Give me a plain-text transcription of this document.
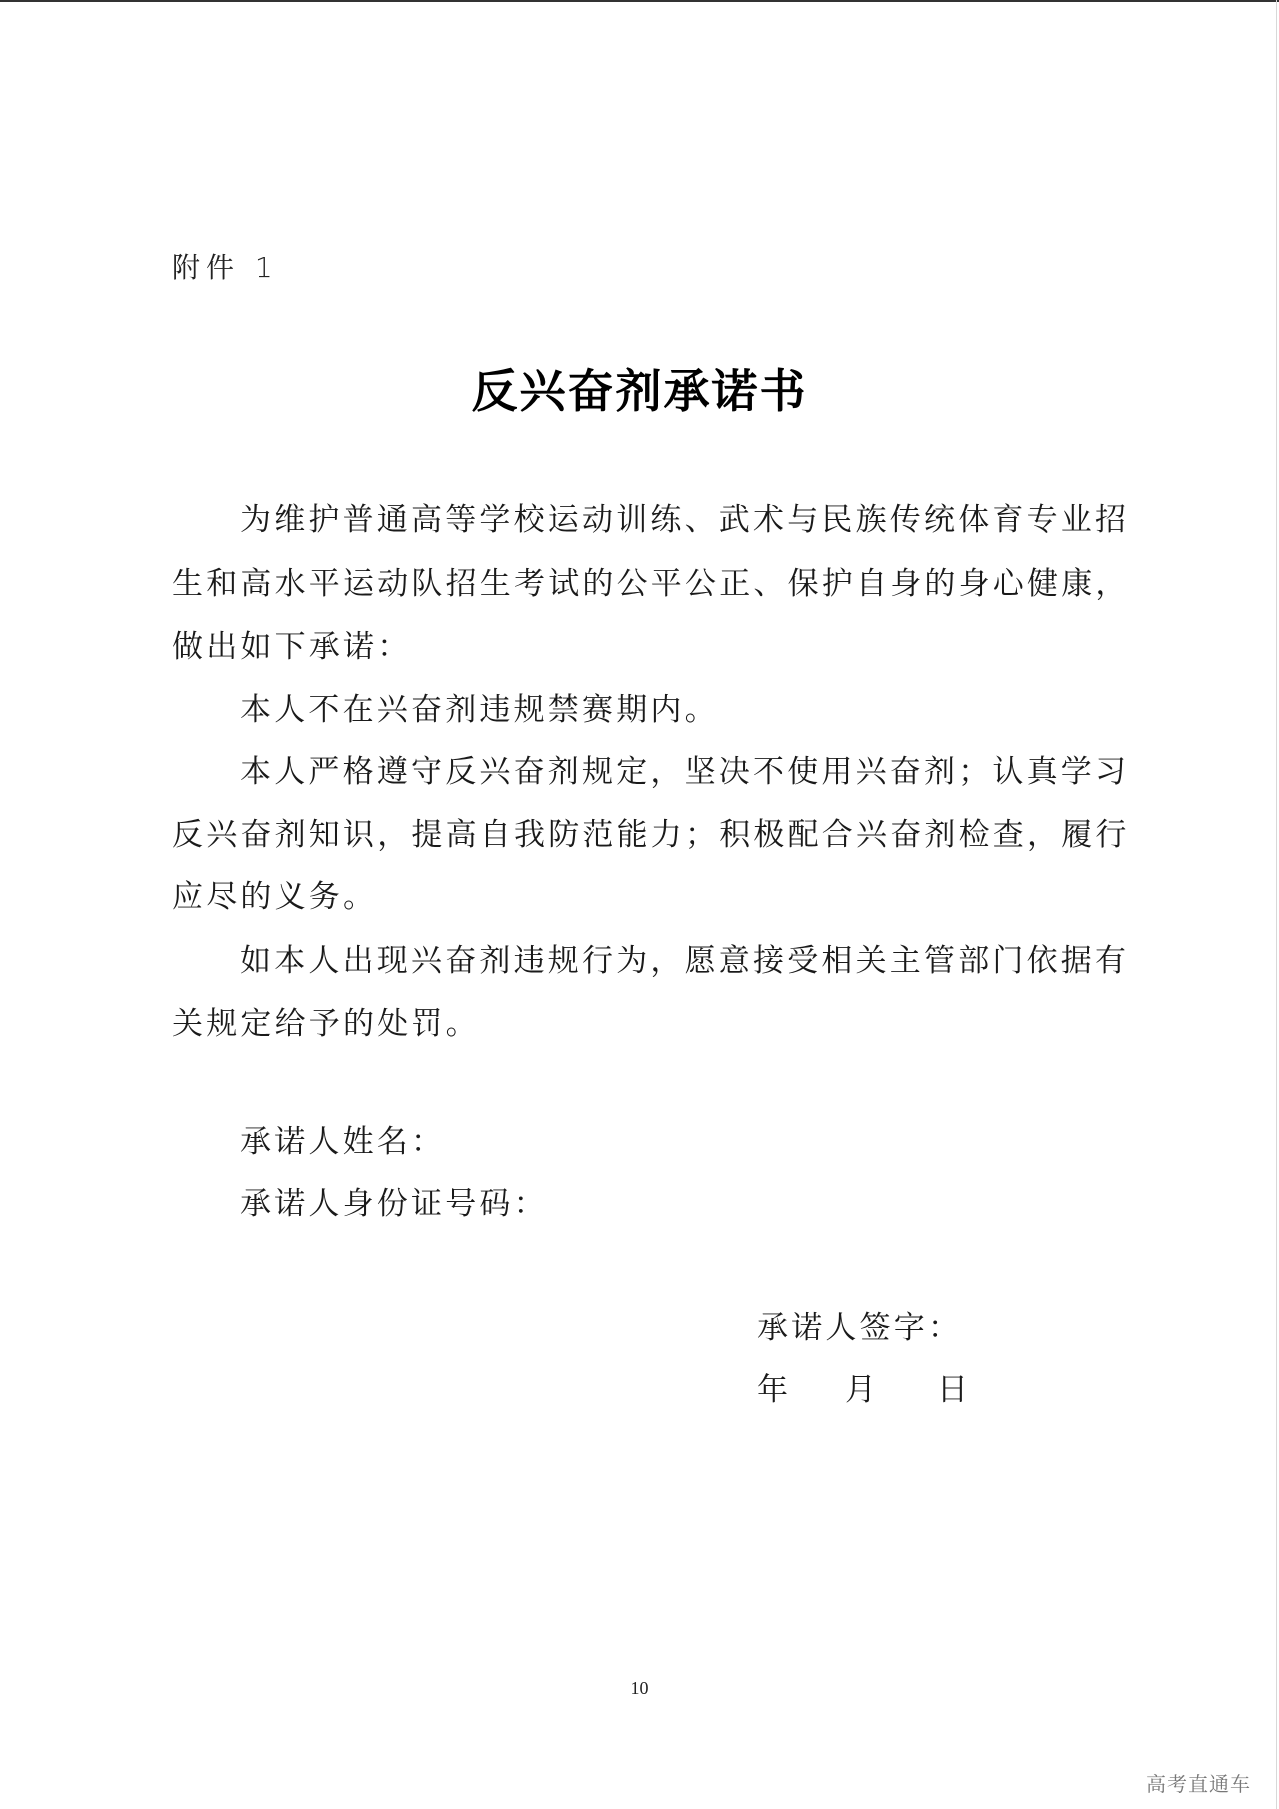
附件 1
反兴奋剂承诺书
为维护普通高等学校运动训练、武术与民族传统体育专业招
生和高水平运动队招生考试的公平公正、保护自身的身心健康，
做出如下承诺：
本人不在兴奋剂违规禁赛期内。
本人严格遵守反兴奋剂规定，坚决不使用兴奋剂；认真学习
反兴奋剂知识，提高自我防范能力；积极配合兴奋剂检查，履行
应尽的义务。
如本人出现兴奋剂违规行为，愿意接受相关主管部门依据有
关规定给予的处罚。
承诺人姓名：
承诺人身份证号码：
承诺人签字：
年 月 日
10
高考直通车
